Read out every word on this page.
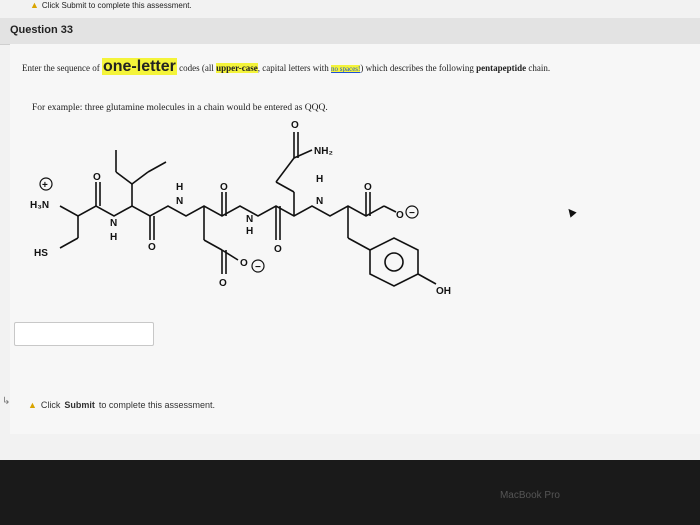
▲ Click Submit to complete this assessment.
Question 33
Enter the sequence of one-letter codes (all upper-case, capital letters with no spaces!) which describes the following pentapeptide chain.
For example: three glutamine molecules in a chain would be entered as QQQ.
+
H₃N
HS
O
N
H
O
N
H	O
N
H
O
O −
O
O
NH₂
H
N
O
O −
OH
↳ ▲ Click Submit to complete this assessment.
MacBook Pro
